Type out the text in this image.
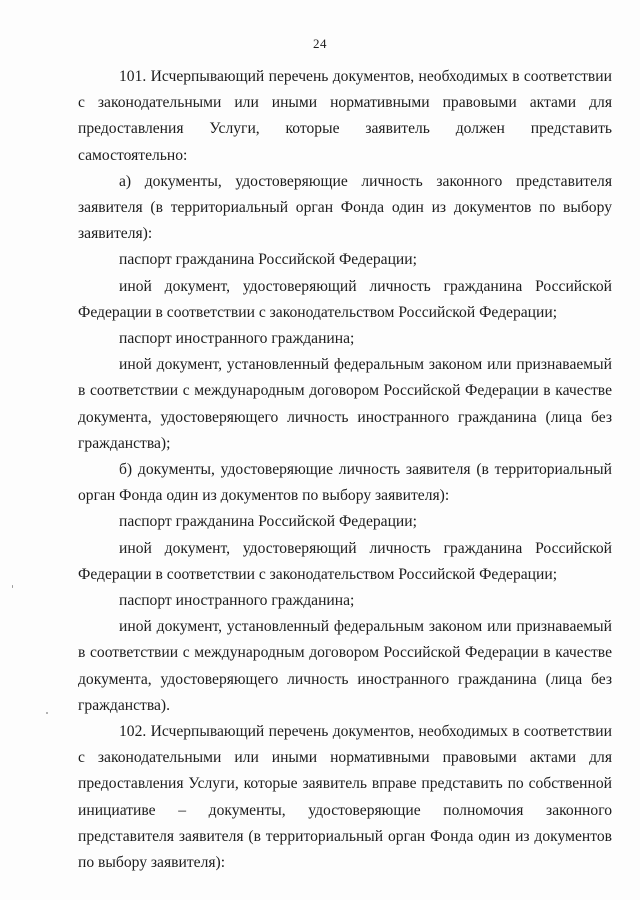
24

101. Исчерпывающий перечень документов, необходимых в соответствии с законодательными или иными нормативными правовыми актами для предоставления Услуги, которые заявитель должен представить самостоятельно:

а) документы, удостоверяющие личность законного представителя заявителя (в территориальный орган Фонда один из документов по выбору заявителя):

паспорт гражданина Российской Федерации;

иной документ, удостоверяющий личность гражданина Российской Федерации в соответствии с законодательством Российской Федерации;

паспорт иностранного гражданина;

иной документ, установленный федеральным законом или признаваемый в соответствии с международным договором Российской Федерации в качестве документа, удостоверяющего личность иностранного гражданина (лица без гражданства);

б) документы, удостоверяющие личность заявителя (в территориальный орган Фонда один из документов по выбору заявителя):

паспорт гражданина Российской Федерации;

иной документ, удостоверяющий личность гражданина Российской Федерации в соответствии с законодательством Российской Федерации;

паспорт иностранного гражданина;

иной документ, установленный федеральным законом или признаваемый в соответствии с международным договором Российской Федерации в качестве документа, удостоверяющего личность иностранного гражданина (лица без гражданства).

102. Исчерпывающий перечень документов, необходимых в соответствии с законодательными или иными нормативными правовыми актами для предоставления Услуги, которые заявитель вправе представить по собственной инициативе – документы, удостоверяющие полномочия законного представителя заявителя (в территориальный орган Фонда один из документов по выбору заявителя):
